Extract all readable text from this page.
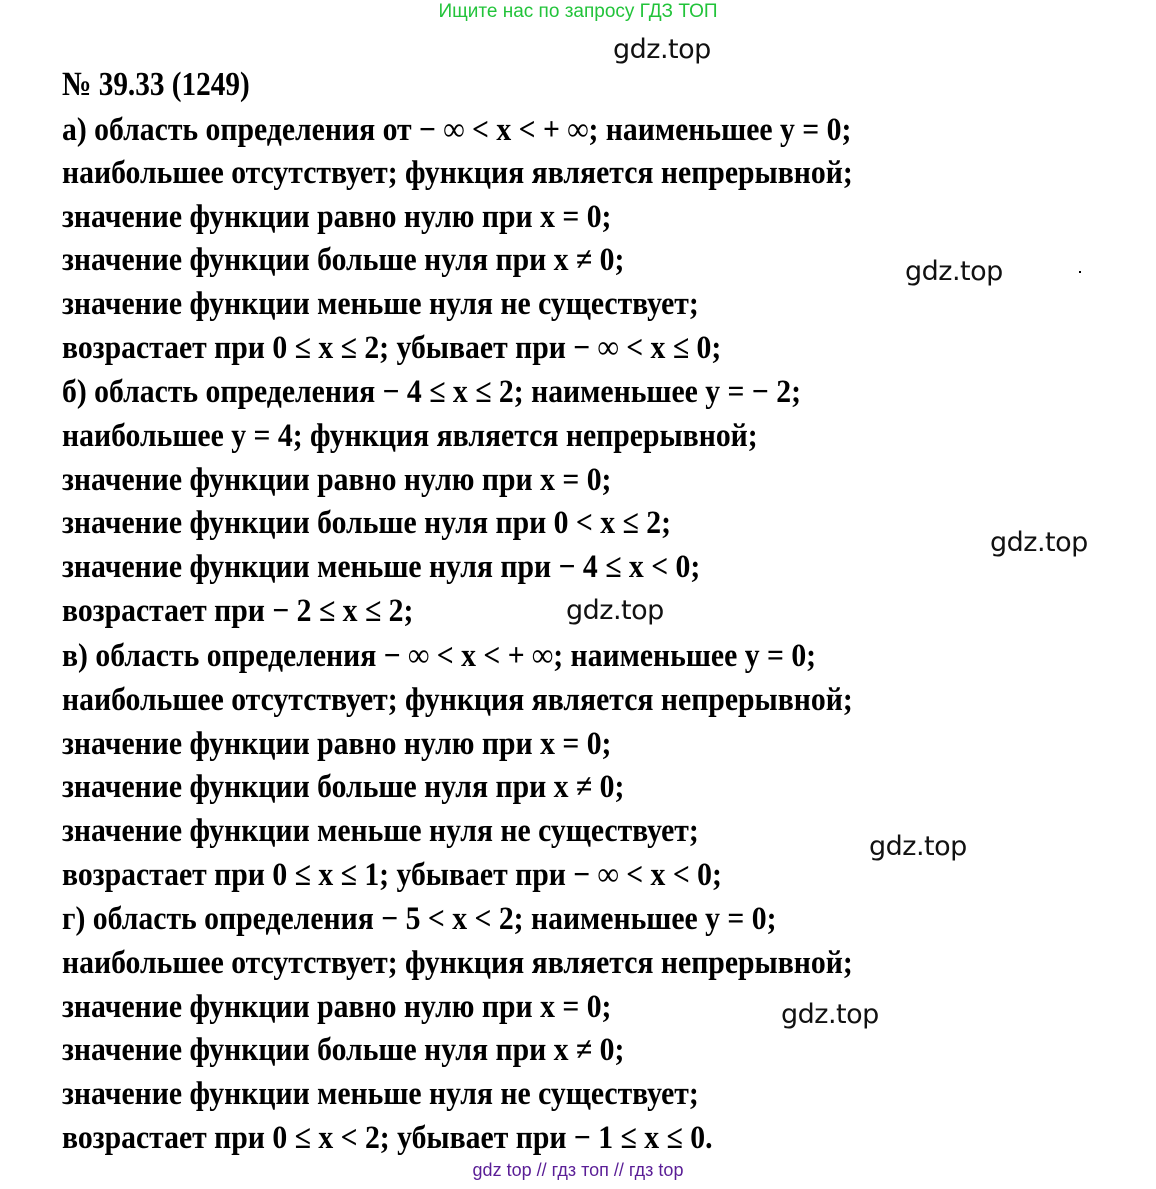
Ищите нас по запросу ГДЗ ТОП
gdz.top
№ 39.33 (1249)
а) область определения от − ∞ < x < + ∞; наименьшее y = 0;
наибольшее отсутствует; функция является непрерывной;
значение функции равно нулю при x = 0;
значение функции больше нуля при x ≠ 0;	gdz.top
значение функции меньше нуля не существует;
возрастает при 0 ≤ x ≤ 2; убывает при − ∞ < x ≤ 0;
б) область определения − 4 ≤ x ≤ 2; наименьшее y = − 2;
наибольшее y = 4; функция является непрерывной;
значение функции равно нулю при x = 0;
значение функции больше нуля при 0 < x ≤ 2;
gdz.top
значение функции меньше нуля при − 4 ≤ x < 0;
возрастает при − 2 ≤ x ≤ 2;	gdz.top
в) область определения − ∞ < x < + ∞; наименьшее y = 0;
наибольшее отсутствует; функция является непрерывной;
значение функции равно нулю при x = 0;
значение функции больше нуля при x ≠ 0;
значение функции меньше нуля не существует;	gdz.top
возрастает при 0 ≤ x ≤ 1; убывает при − ∞ < x < 0;
г) область определения − 5 < x < 2; наименьшее y = 0;
наибольшее отсутствует; функция является непрерывной;
значение функции равно нулю при x = 0;	gdz.top
значение функции больше нуля при x ≠ 0;
значение функции меньше нуля не существует;
возрастает при 0 ≤ x < 2; убывает при − 1 ≤ x ≤ 0.
gdz top // гдз топ // гдз top
